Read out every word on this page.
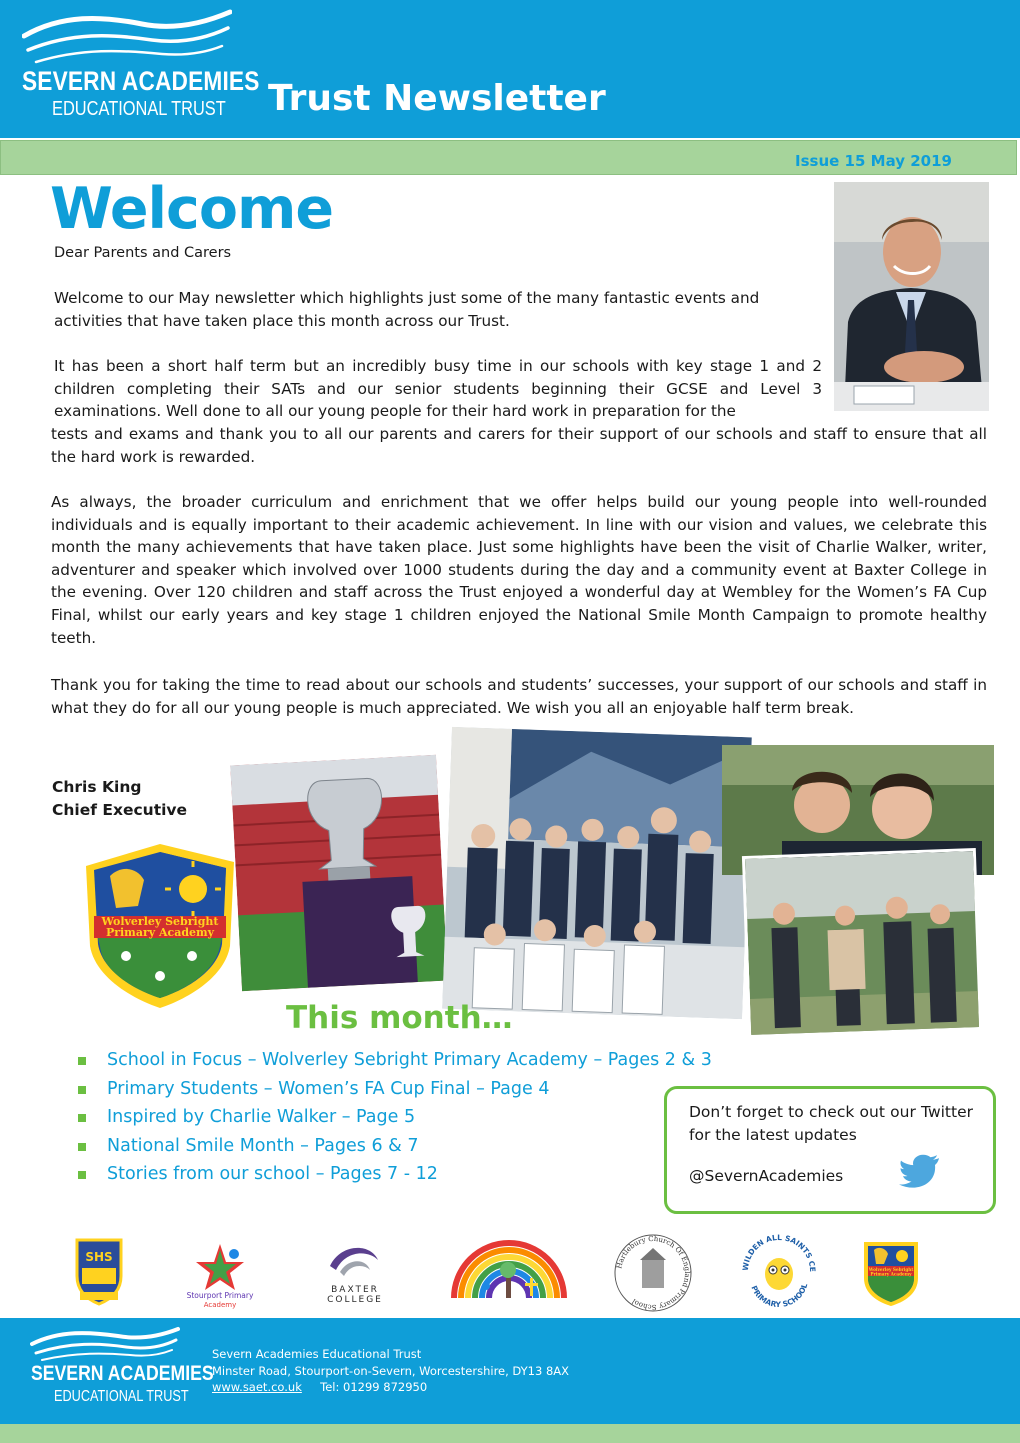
SEVERN ACADEMIES
EDUCATIONAL TRUST Trust Newsletter
Issue 15 May 2019
Welcome
Dear Parents and Carers
Welcome to our May newsletter which highlights just some of the many fantastic events and activities that have taken place this month across our Trust.
It has been a short half term but an incredibly busy time in our schools with key stage 1 and 2 children completing their SATs and our senior students beginning their GCSE and Level 3 examinations. Well done to all our young people for their hard work in preparation for the
tests and exams and thank you to all our parents and carers for their support of our schools and staff to ensure that all the hard work is rewarded.
As always, the broader curriculum and enrichment that we offer helps build our young people into well-rounded individuals and is equally important to their academic achievement. In line with our vision and values, we celebrate this month the many achievements that have taken place. Just some highlights have been the visit of Charlie Walker, writer, adventurer and speaker which involved over 1000 students during the day and a community event at Baxter College in the evening. Over 120 children and staff across the Trust enjoyed a wonderful day at Wembley for the Women’s FA Cup Final, whilst our early years and key stage 1 children enjoyed the National Smile Month Campaign to promote healthy teeth.
Thank you for taking the time to read about our schools and students’ successes, your support of our schools and staff in what they do for all our young people is much appreciated. We wish you all an enjoyable half term break.
Chris King
Chief Executive
Wolverley Sebright
Primary Academy
This month…
School in Focus – Wolverley Sebright Primary Academy – Pages 2 & 3
Primary Students – Women’s FA Cup Final – Page 4
Inspired by Charlie Walker – Page 5
National Smile Month – Pages 6 & 7
Stories from our school – Pages 7 - 12
Don’t forget to check out our Twitter for the latest updates
@SevernAcademies
SHS
Stourport Primary
Academy
BAXTER
COLLEGE
Hartlebury Church Of England Primary School
WILDEN ALL SAINTS CE
PRIMARY SCHOOL
Wolverley Sebright
Primary Academy
SEVERN ACADEMIES
EDUCATIONAL TRUST
Severn Academies Educational Trust
Minster Road, Stourport-on-Severn, Worcestershire, DY13 8AX
www.saet.co.uk Tel: 01299 872950
